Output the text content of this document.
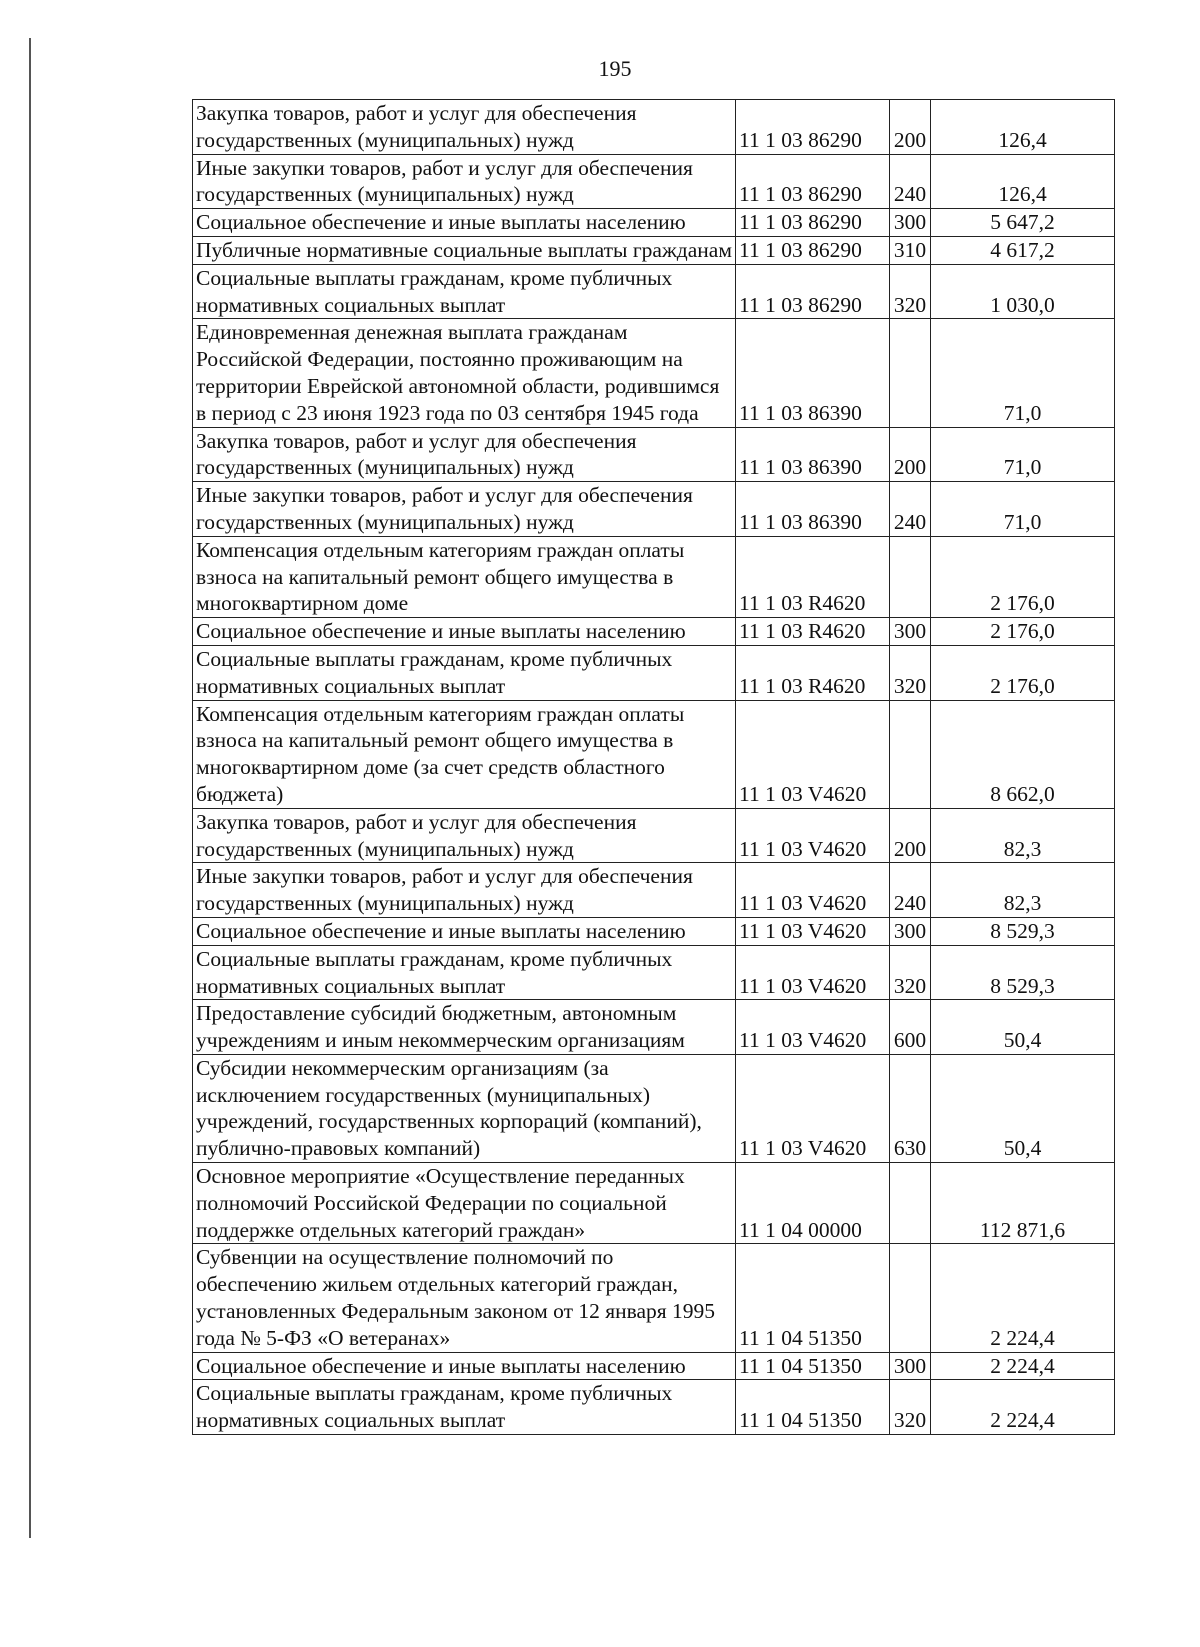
195
Закупка товаров, работ и услуг для обеспечения государственных (муниципальных) нужд	11 1 03 86290	200	126,4
Иные закупки товаров, работ и услуг для обеспечения государственных (муниципальных) нужд	11 1 03 86290	240	126,4
Социальное обеспечение и иные выплаты населению	11 1 03 86290	300	5 647,2
Публичные нормативные социальные выплаты гражданам	11 1 03 86290	310	4 617,2
Социальные выплаты гражданам, кроме публичных нормативных социальных выплат	11 1 03 86290	320	1 030,0
Единовременная денежная выплата гражданам Российской Федерации, постоянно проживающим на территории Еврейской автономной области, родившимся в период с 23 июня 1923 года по 03 сентября 1945 года	11 1 03 86390		71,0
Закупка товаров, работ и услуг для обеспечения государственных (муниципальных) нужд	11 1 03 86390	200	71,0
Иные закупки товаров, работ и услуг для обеспечения государственных (муниципальных) нужд	11 1 03 86390	240	71,0
Компенсация отдельным категориям граждан оплаты взноса на капитальный ремонт общего имущества в многоквартирном доме	11 1 03 R4620		2 176,0
Социальное обеспечение и иные выплаты населению	11 1 03 R4620	300	2 176,0
Социальные выплаты гражданам, кроме публичных нормативных социальных выплат	11 1 03 R4620	320	2 176,0
Компенсация отдельным категориям граждан оплаты взноса на капитальный ремонт общего имущества в многоквартирном доме (за счет средств областного бюджета)	11 1 03 V4620		8 662,0
Закупка товаров, работ и услуг для обеспечения государственных (муниципальных) нужд	11 1 03 V4620	200	82,3
Иные закупки товаров, работ и услуг для обеспечения государственных (муниципальных) нужд	11 1 03 V4620	240	82,3
Социальное обеспечение и иные выплаты населению	11 1 03 V4620	300	8 529,3
Социальные выплаты гражданам, кроме публичных нормативных социальных выплат	11 1 03 V4620	320	8 529,3
Предоставление субсидий бюджетным, автономным учреждениям и иным некоммерческим организациям	11 1 03 V4620	600	50,4
Субсидии некоммерческим организациям (за исключением государственных (муниципальных) учреждений, государственных корпораций (компаний), публично-правовых компаний)	11 1 03 V4620	630	50,4
Основное мероприятие «Осуществление переданных полномочий Российской Федерации по социальной поддержке отдельных категорий граждан»	11 1 04 00000		112 871,6
Субвенции на осуществление полномочий по обеспечению жильем отдельных категорий граждан, установленных Федеральным законом от 12 января 1995 года № 5-ФЗ «О ветеранах»	11 1 04 51350		2 224,4
Социальное обеспечение и иные выплаты населению	11 1 04 51350	300	2 224,4
Социальные выплаты гражданам, кроме публичных нормативных социальных выплат	11 1 04 51350	320	2 224,4
